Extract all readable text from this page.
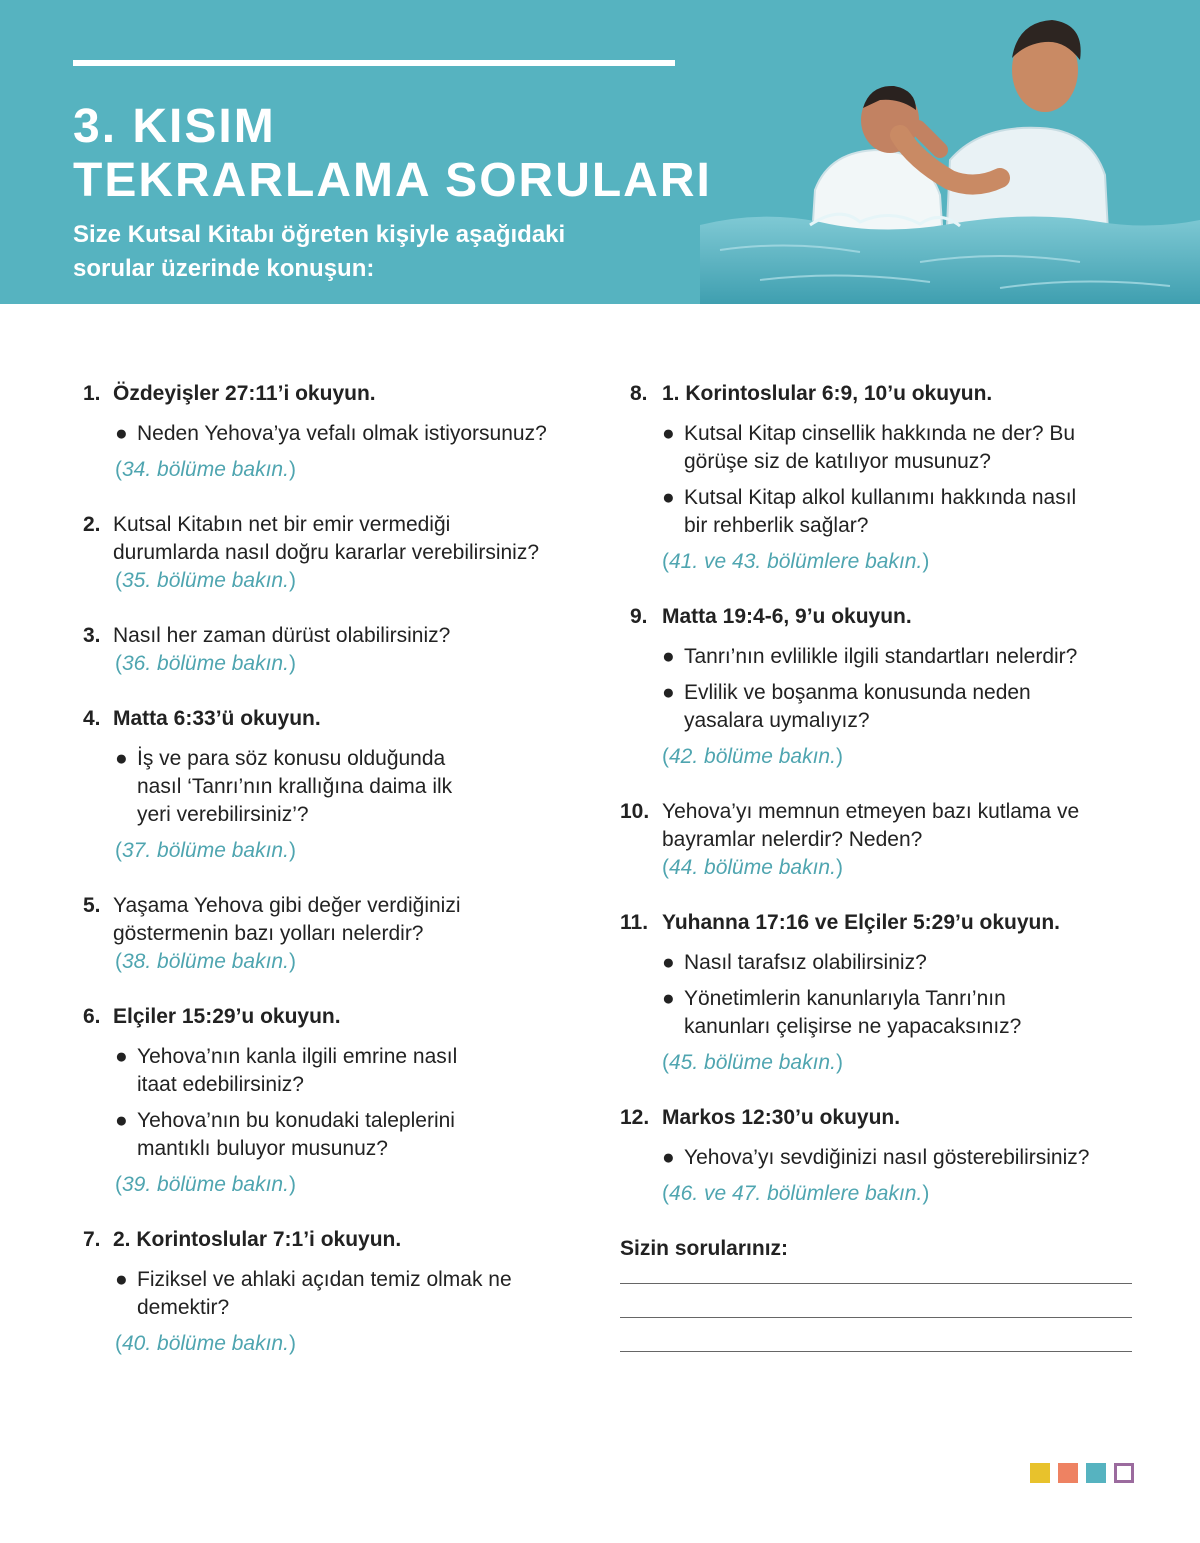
3. KISIM
TEKRARLAMA SORULARI

Size Kutsal Kitabı öğreten kişiyle aşağıdaki sorular üzerinde konuşun:

1. Özdeyişler 27:11’i okuyun.
● Neden Yehova’ya vefalı olmak istiyorsunuz?
(34. bölüme bakın.)
2. Kutsal Kitabın net bir emir vermediği durumlarda nasıl doğru kararlar verebilirsiniz?
(35. bölüme bakın.)
3. Nasıl her zaman dürüst olabilirsiniz?
(36. bölüme bakın.)
4. Matta 6:33’ü okuyun.
● İş ve para söz konusu olduğunda nasıl ‘Tanrı’nın krallığına daima ilk yeri verebilirsiniz’?
(37. bölüme bakın.)
5. Yaşama Yehova gibi değer verdiğinizi göstermenin bazı yolları nelerdir?
(38. bölüme bakın.)
6. Elçiler 15:29’u okuyun.
● Yehova’nın kanla ilgili emrine nasıl itaat edebilirsiniz?
● Yehova’nın bu konudaki taleplerini mantıklı buluyor musunuz?
(39. bölüme bakın.)
7. 2. Korintoslular 7:1’i okuyun.
● Fiziksel ve ahlaki açıdan temiz olmak ne demektir?
(40. bölüme bakın.)
8. 1. Korintoslular 6:9, 10’u okuyun.
● Kutsal Kitap cinsellik hakkında ne der? Bu görüşe siz de katılıyor musunuz?
● Kutsal Kitap alkol kullanımı hakkında nasıl bir rehberlik sağlar?
(41. ve 43. bölümlere bakın.)
9. Matta 19:4-6, 9’u okuyun.
● Tanrı’nın evlilikle ilgili standartları nelerdir?
● Evlilik ve boşanma konusunda neden yasalara uymalıyız?
(42. bölüme bakın.)
10. Yehova’yı memnun etmeyen bazı kutlama ve bayramlar nelerdir? Neden?
(44. bölüme bakın.)
11. Yuhanna 17:16 ve Elçiler 5:29’u okuyun.
● Nasıl tarafsız olabilirsiniz?
● Yönetimlerin kanunlarıyla Tanrı’nın kanunları çelişirse ne yapacaksınız?
(45. bölüme bakın.)
12. Markos 12:30’u okuyun.
● Yehova’yı sevdiğinizi nasıl gösterebilirsiniz?
(46. ve 47. bölümlere bakın.)
Sizin sorularınız:
